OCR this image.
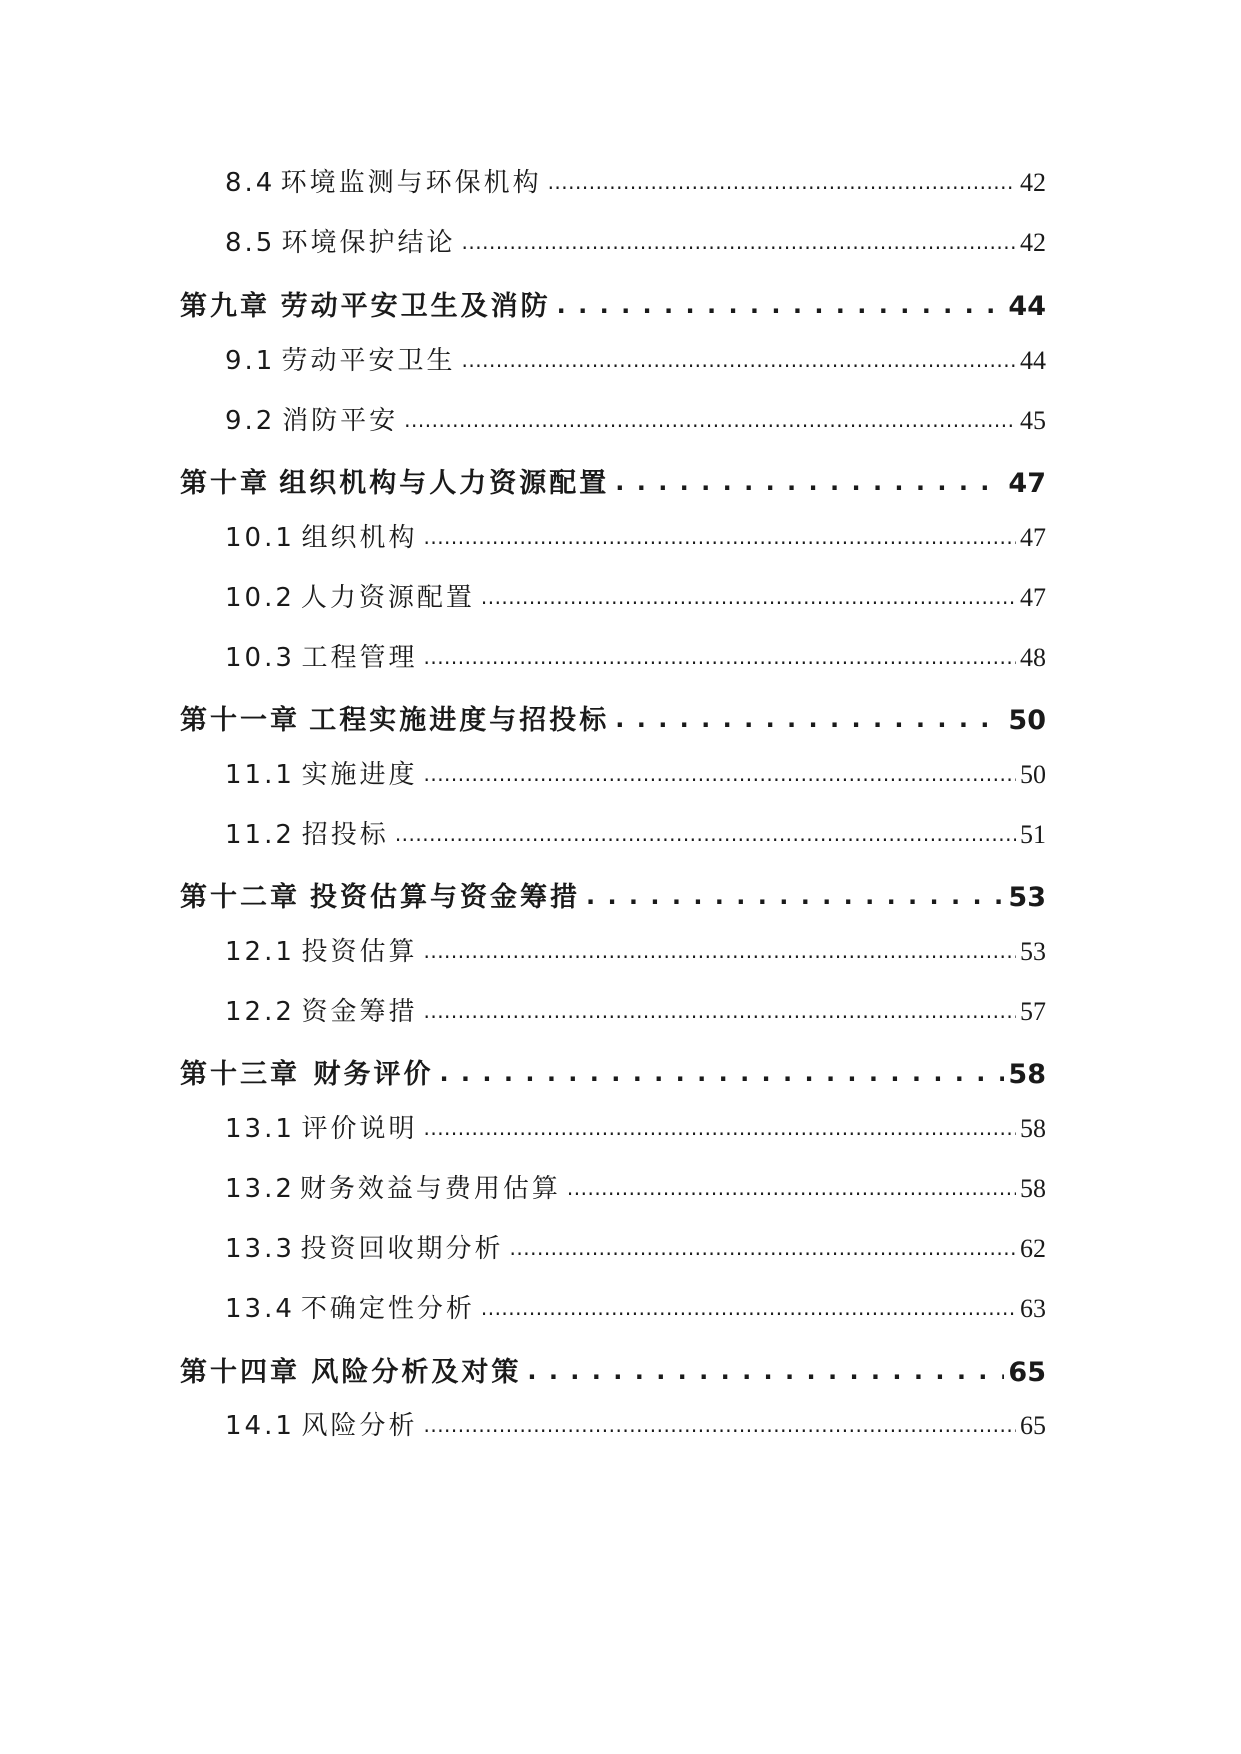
8.4 环境监测与环保机构 .....	42
8.5 环境保护结论 .....	42
第九章 劳动平安卫生及消防 . . .	44
9.1 劳动平安卫生 .....	44
9.2 消防平安 .....	45
第十章 组织机构与人力资源配置 . . .	47
10.1 组织机构 .....	47
10.2 人力资源配置 .....	47
10.3 工程管理 .....	48
第十一章 工程实施进度与招投标 . . .	50
11.1 实施进度 .....	50
11.2 招投标 .....	51
第十二章 投资估算与资金筹措 . . .	53
12.1 投资估算 .....	53
12.2 资金筹措 .....	57
第十三章 财务评价 . . .	58
13.1 评价说明 .....	58
13.2 财务效益与费用估算 .....	58
13.3 投资回收期分析 .....	62
13.4 不确定性分析 .....	63
第十四章 风险分析及对策 . . .	65
14.1 风险分析 .....	65
